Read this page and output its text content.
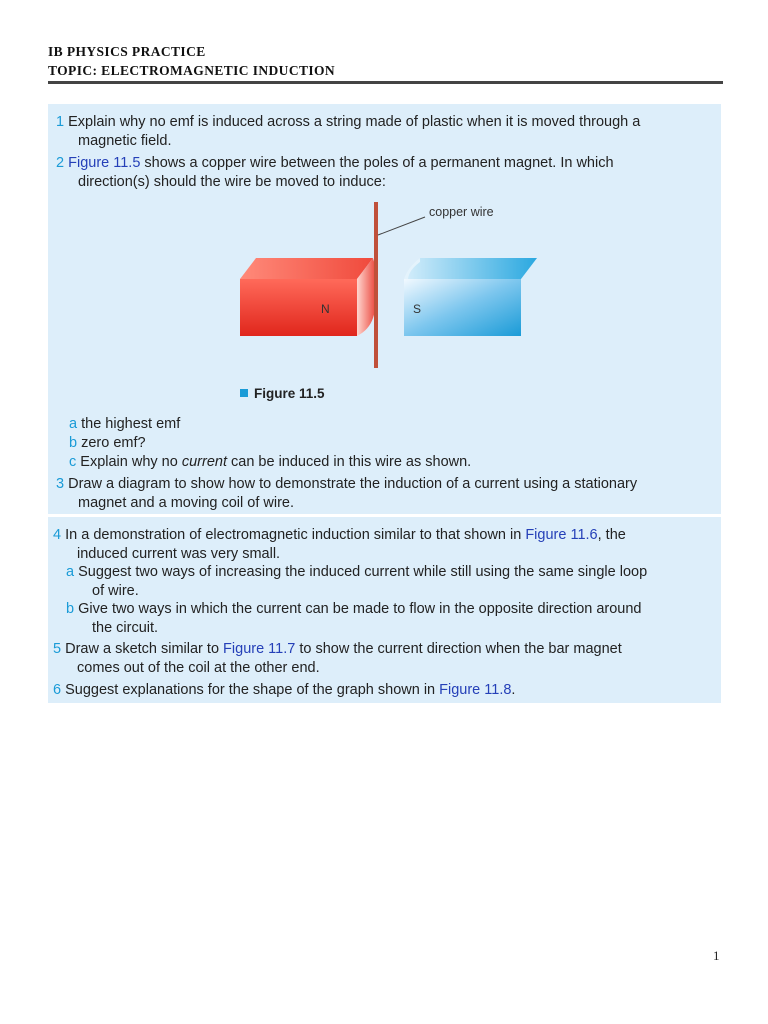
IB PHYSICS PRACTICE
TOPIC: ELECTROMAGNETIC INDUCTION
1 Explain why no emf is induced across a string made of plastic when it is moved through a
magnetic field.
2 Figure 11.5 shows a copper wire between the poles of a permanent magnet. In which
direction(s) should the wire be moved to induce:
N
copper wire
S
Figure 11.5
a the highest emf
b zero emf?
c Explain why no current can be induced in this wire as shown.
3 Draw a diagram to show how to demonstrate the induction of a current using a stationary
magnet and a moving coil of wire.
4 In a demonstration of electromagnetic induction similar to that shown in Figure 11.6, the
induced current was very small.
a Suggest two ways of increasing the induced current while still using the same single loop
of wire.
b Give two ways in which the current can be made to flow in the opposite direction around
the circuit.
5 Draw a sketch similar to Figure 11.7 to show the current direction when the bar magnet
comes out of the coil at the other end.
6 Suggest explanations for the shape of the graph shown in Figure 11.8.
1
